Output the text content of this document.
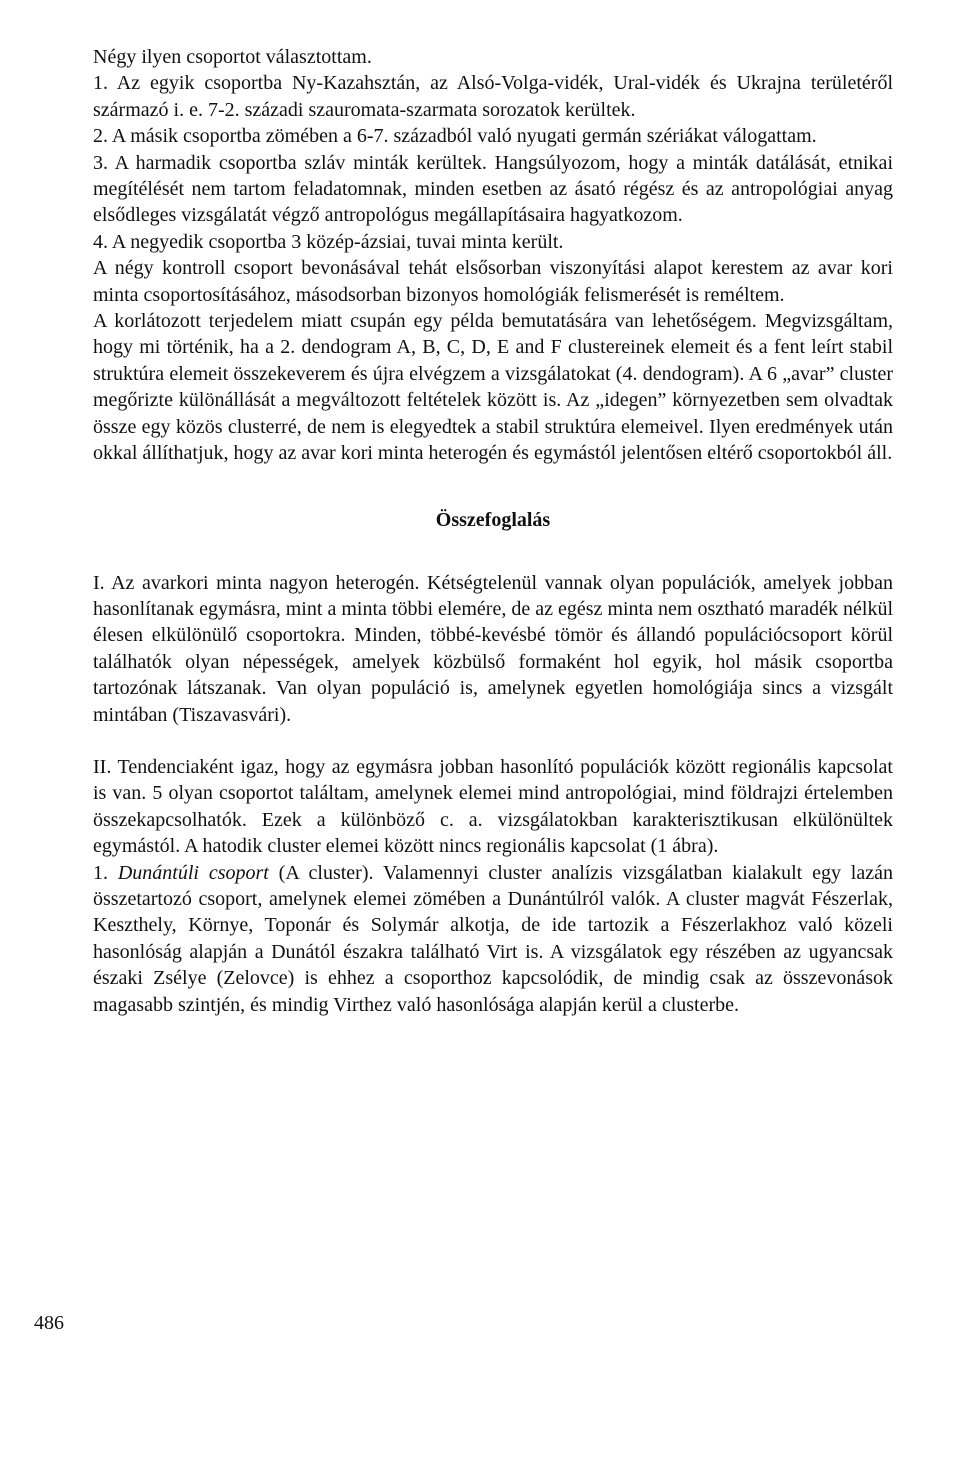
Négy ilyen csoportot választottam.

1. Az egyik csoportba Ny-Kazahsztán, az Alsó-Volga-vidék, Ural-vidék és Ukrajna területéről származó i. e. 7-2. századi szauromata-szarmata sorozatok kerültek.

2. A másik csoportba zömében a 6-7. századból való nyugati germán szériákat válogattam.

3. A harmadik csoportba szláv minták kerültek. Hangsúlyozom, hogy a minták datálását, etnikai megítélését nem tartom feladatomnak, minden esetben az ásató régész és az antropológiai anyag elsődleges vizsgálatát végző antropológus megállapításaira hagyatkozom.

4. A negyedik csoportba 3 közép-ázsiai, tuvai minta került.

A négy kontroll csoport bevonásával tehát elsősorban viszonyítási alapot kerestem az avar kori minta csoportosításához, másodsorban bizonyos homológiák felismerését is reméltem.

A korlátozott terjedelem miatt csupán egy példa bemutatására van lehetőségem. Megvizsgáltam, hogy mi történik, ha a 2. dendogram A, B, C, D, E and F clustereinek elemeit és a fent leírt stabil struktúra elemeit összekeverem és újra elvégzem a vizsgálatokat (4. dendogram). A 6 „avar” cluster megőrizte különállását a megváltozott feltételek között is. Az „idegen” környezetben sem olvadtak össze egy közös clusterré, de nem is elegyedtek a stabil struktúra elemeivel. Ilyen eredmények után okkal állíthatjuk, hogy az avar kori minta heterogén és egymástól jelentősen eltérő csoportokból áll.

Összefoglalás

I. Az avarkori minta nagyon heterogén. Kétségtelenül vannak olyan populációk, amelyek jobban hasonlítanak egymásra, mint a minta többi elemére, de az egész minta nem osztható maradék nélkül élesen elkülönülő csoportokra. Minden, többé-kevésbé tömör és állandó populációcsoport körül találhatók olyan népességek, amelyek közbülső formaként hol egyik, hol másik csoportba tartozónak látszanak. Van olyan populáció is, amelynek egyetlen homológiája sincs a vizsgált mintában (Tiszavasvári).

II. Tendenciaként igaz, hogy az egymásra jobban hasonlító populációk között regionális kapcsolat is van. 5 olyan csoportot találtam, amelynek elemei mind antropológiai, mind földrajzi értelemben összekapcsolhatók. Ezek a különböző c. a. vizsgálatokban karakterisztikusan elkülönültek egymástól. A hatodik cluster elemei között nincs regionális kapcsolat (1 ábra).

1. Dunántúli csoport (A cluster). Valamennyi cluster analízis vizsgálatban kialakult egy lazán összetartozó csoport, amelynek elemei zömében a Dunántúlról valók. A cluster magvát Fészerlak, Keszthely, Környe, Toponár és Solymár alkotja, de ide tartozik a Fészerlakhoz való közeli hasonlóság alapján a Dunától északra található Virt is. A vizsgálatok egy részében az ugyancsak északi Zsélye (Zelovce) is ehhez a csoporthoz kapcsolódik, de mindig csak az összevonások magasabb szintjén, és mindig Virthez való hasonlósága alapján kerül a clusterbe.

486
